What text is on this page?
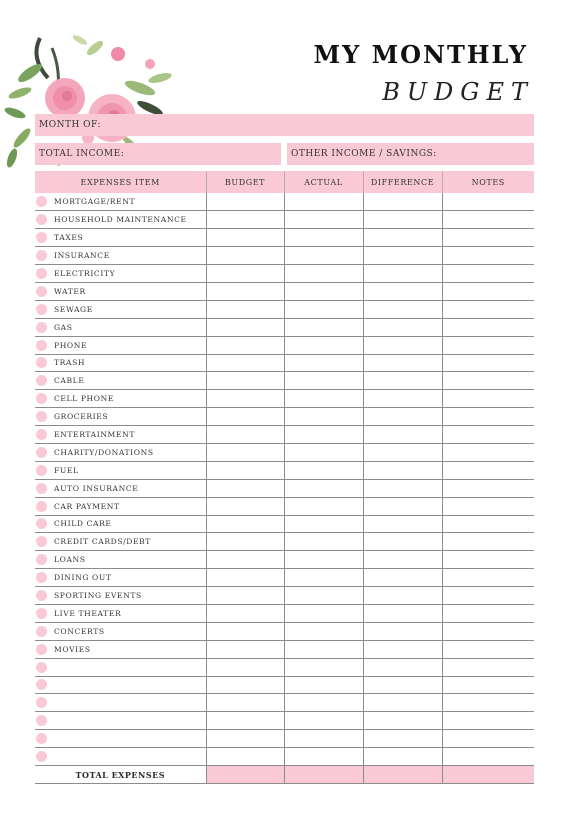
MY MONTHLY
BUDGET
MONTH OF:
TOTAL INCOME:	OTHER INCOME / SAVINGS:
EXPENSES ITEM	BUDGET	ACTUAL	DIFFERENCE	NOTES

MORTGAGE/RENT				

HOUSEHOLD MAINTENANCE				

TAXES				

INSURANCE				

ELECTRICITY				

WATER				

SEWAGE				

GAS				

PHONE				

TRASH				

CABLE				

CELL PHONE				

GROCERIES				

ENTERTAINMENT				

CHARITY/DONATIONS				

FUEL				

AUTO INSURANCE				

CAR PAYMENT				

CHILD CARE				

CREDIT CARDS/DEBT				

LOANS				

DINING OUT				

SPORTING EVENTS				

LIVE THEATER				

CONCERTS				

MOVIES				

TOTAL EXPENSES				
